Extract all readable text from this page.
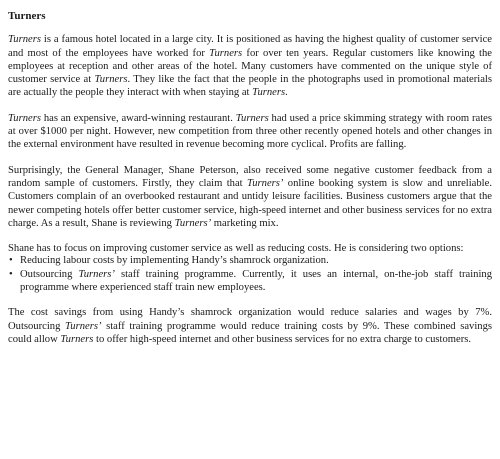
Turners

Turners is a famous hotel located in a large city. It is positioned as having the highest quality of customer service and most of the employees have worked for Turners for over ten years. Regular customers like knowing the employees at reception and other areas of the hotel. Many customers have commented on the unique style of customer service at Turners. They like the fact that the people in the photographs used in promotional materials are actually the people they interact with when staying at Turners.

Turners has an expensive, award-winning restaurant. Turners had used a price skimming strategy with room rates at over $1000 per night. However, new competition from three other recently opened hotels and other changes in the external environment have resulted in revenue becoming more cyclical. Profits are falling.

Surprisingly, the General Manager, Shane Peterson, also received some negative customer feedback from a random sample of customers. Firstly, they claim that Turners’ online booking system is slow and unreliable. Customers complain of an overbooked restaurant and untidy leisure facilities. Business customers argue that the newer competing hotels offer better customer service, high-speed internet and other business services for no extra charge. As a result, Shane is reviewing Turners’ marketing mix.

Shane has to focus on improving customer service as well as reducing costs. He is considering two options:

• Reducing labour costs by implementing Handy’s shamrock organization.
• Outsourcing Turners’ staff training programme. Currently, it uses an internal, on-the-job staff training programme where experienced staff train new employees.

The cost savings from using Handy’s shamrock organization would reduce salaries and wages by 7%. Outsourcing Turners’ staff training programme would reduce training costs by 9%. These combined savings could allow Turners to offer high-speed internet and other business services for no extra charge to customers.
